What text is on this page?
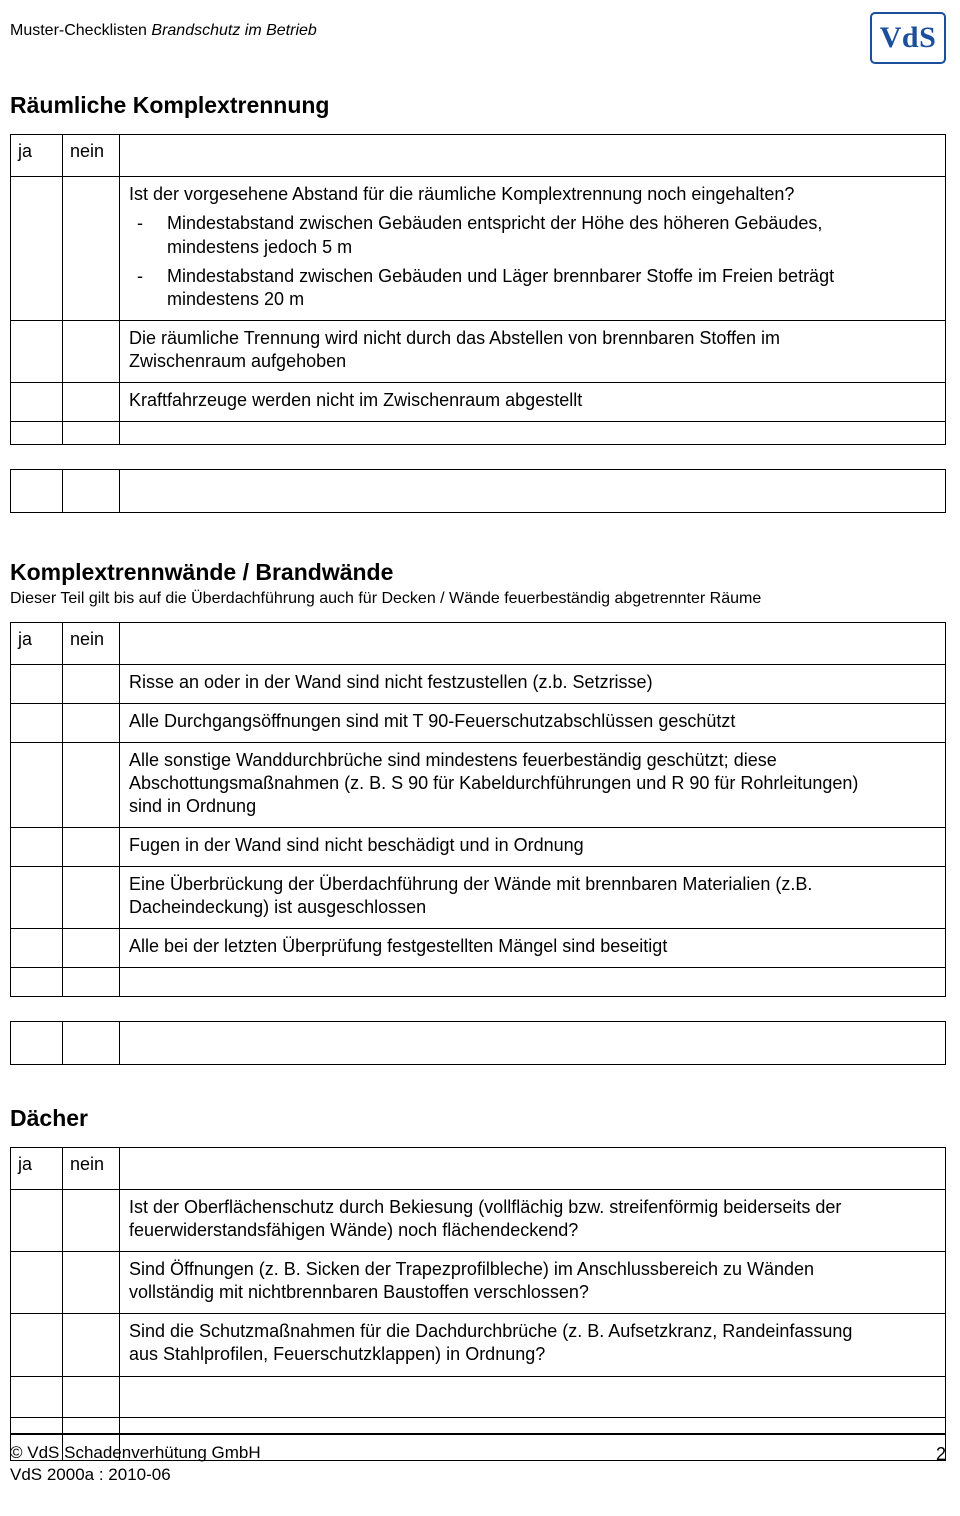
Muster-Checklisten Brandschutz im Betrieb	VdS
Räumliche Komplextrennung
ja	nein	

		Ist der vorgesehene Abstand für die räumliche Komplextrennung noch eingehalten?
- Mindestabstand zwischen Gebäuden entspricht der Höhe des höheren Gebäudes, mindestens jedoch 5 m
- Mindestabstand zwischen Gebäuden und Läger brennbarer Stoffe im Freien beträgt mindestens 20 m

		Die räumliche Trennung wird nicht durch das Abstellen von brennbaren Stoffen im Zwischenraum aufgehoben

		Kraftfahrzeuge werden nicht im Zwischenraum abgestellt

Komplextrennwände / Brandwände
Dieser Teil gilt bis auf die Überdachführung auch für Decken / Wände feuerbeständig abgetrennter Räume
ja	nein	

		Risse an oder in der Wand sind nicht festzustellen (z.b. Setzrisse)

		Alle Durchgangsöffnungen sind mit T 90-Feuerschutzabschlüssen geschützt

		Alle sonstige Wanddurchbrüche sind mindestens feuerbeständig geschützt; diese Abschottungsmaßnahmen (z. B. S 90 für Kabeldurchführungen und R 90 für Rohrleitungen) sind in Ordnung

		Fugen in der Wand sind nicht beschädigt und in Ordnung

		Eine Überbrückung der Überdachführung der Wände mit brennbaren Materialien (z.B. Dacheindeckung) ist ausgeschlossen

		Alle bei der letzten Überprüfung festgestellten Mängel sind beseitigt

Dächer
ja	nein	

		Ist der Oberflächenschutz durch Bekiesung (vollflächig bzw. streifenförmig beiderseits der feuerwiderstandsfähigen Wände) noch flächendeckend?

		Sind Öffnungen (z. B. Sicken der Trapezprofilbleche) im Anschlussbereich zu Wänden vollständig mit nichtbrennbaren Baustoffen verschlossen?

		Sind die Schutzmaßnahmen für die Dachdurchbrüche (z. B. Aufsetzkranz, Randeinfassung aus Stahlprofilen, Feuerschutzklappen) in Ordnung?

© VdS Schadenverhütung GmbH
VdS 2000a : 2010-06
2
